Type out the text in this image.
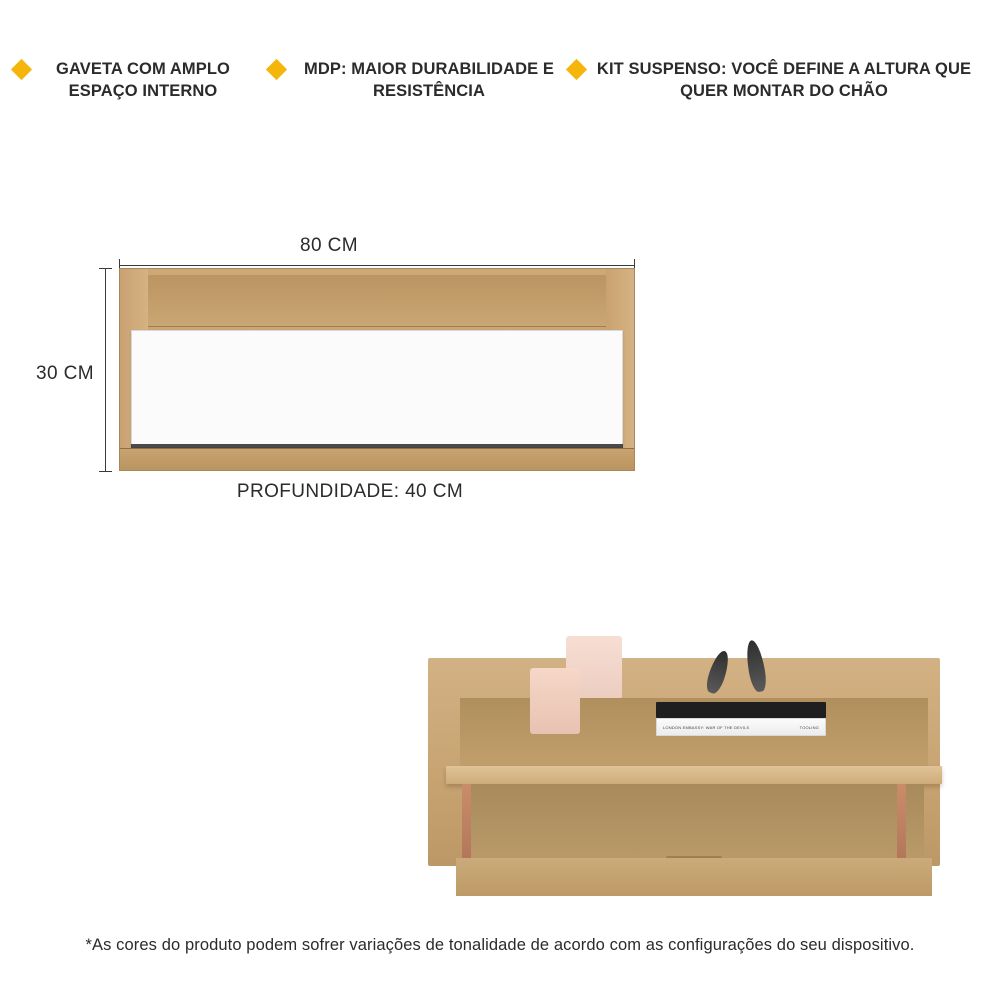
GAVETA COM AMPLO ESPAÇO INTERNO
MDP: MAIOR DURABILIDADE E RESISTÊNCIA
KIT SUSPENSO: VOCÊ DEFINE A ALTURA QUE QUER MONTAR DO CHÃO
80 CM
30 CM
PROFUNDIDADE: 40 CM
LONDON EMBASSY: WAR OF THE DEVILS	TOOLING
*As cores do produto podem sofrer variações de tonalidade de acordo com as configurações do seu dispositivo.
